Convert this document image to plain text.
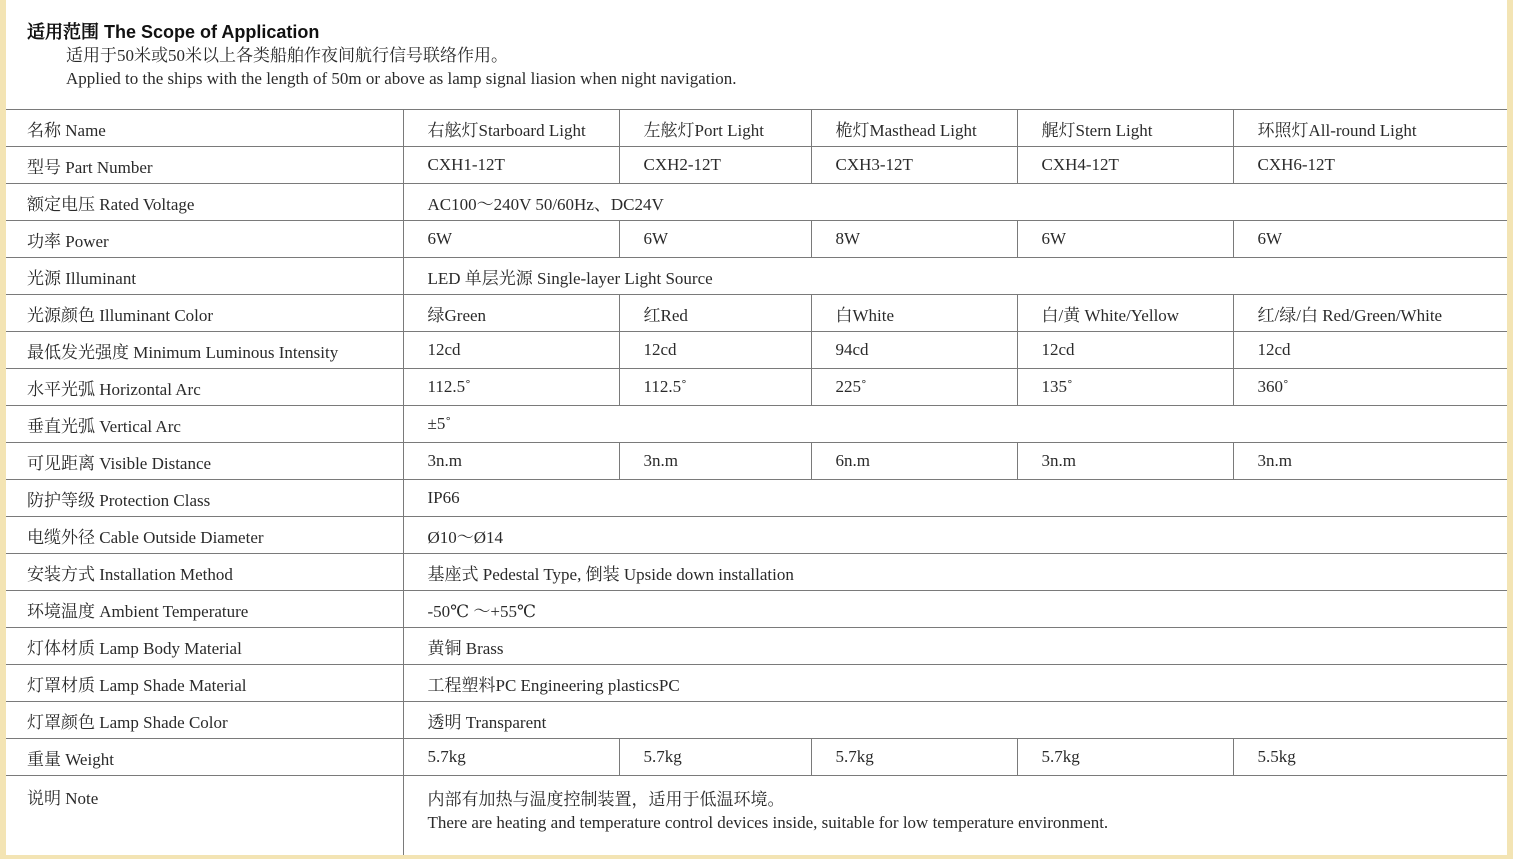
适用范围 The Scope of Application
适用于50米或50米以上各类船舶作夜间航行信号联络作用。
Applied to the ships with the length of 50m or above as lamp signal liasion when night navigation.
名称 Name	右舷灯Starboard Light	左舷灯Port Light	桅灯Masthead Light	艉灯Stern Light	环照灯All-round Light
型号 Part Number	CXH1-12T	CXH2-12T	CXH3-12T	CXH4-12T	CXH6-12T
额定电压 Rated Voltage	AC100～240V 50/60Hz、DC24V				
功率 Power	6W	6W	8W	6W	6W
光源 Illuminant	LED 单层光源 Single-layer Light Source				
光源颜色 Illuminant Color	绿Green	红Red	白White	白/黄 White/Yellow	红/绿/白 Red/Green/White
最低发光强度 Minimum Luminous Intensity	12cd	12cd	94cd	12cd	12cd
水平光弧 Horizontal Arc	112.5˚	112.5˚	225˚	135˚	360˚
垂直光弧 Vertical Arc	±5˚				
可见距离 Visible Distance	3n.m	3n.m	6n.m	3n.m	3n.m
防护等级 Protection Class	IP66				
电缆外径 Cable Outside Diameter	Ø10～Ø14				
安装方式 Installation Method	基座式 Pedestal Type, 倒装 Upside down installation				
环境温度 Ambient Temperature	-50℃ ～+55℃				
灯体材质 Lamp Body Material	黄铜 Brass				
灯罩材质 Lamp Shade Material	工程塑料PC Engineering plasticsPC				
灯罩颜色 Lamp Shade Color	透明 Transparent				
重量 Weight	5.7kg	5.7kg	5.7kg	5.7kg	5.5kg
说明 Note	内部有加热与温度控制装置，适用于低温环境。
There are heating and temperature control devices inside, suitable for low temperature environment.				
